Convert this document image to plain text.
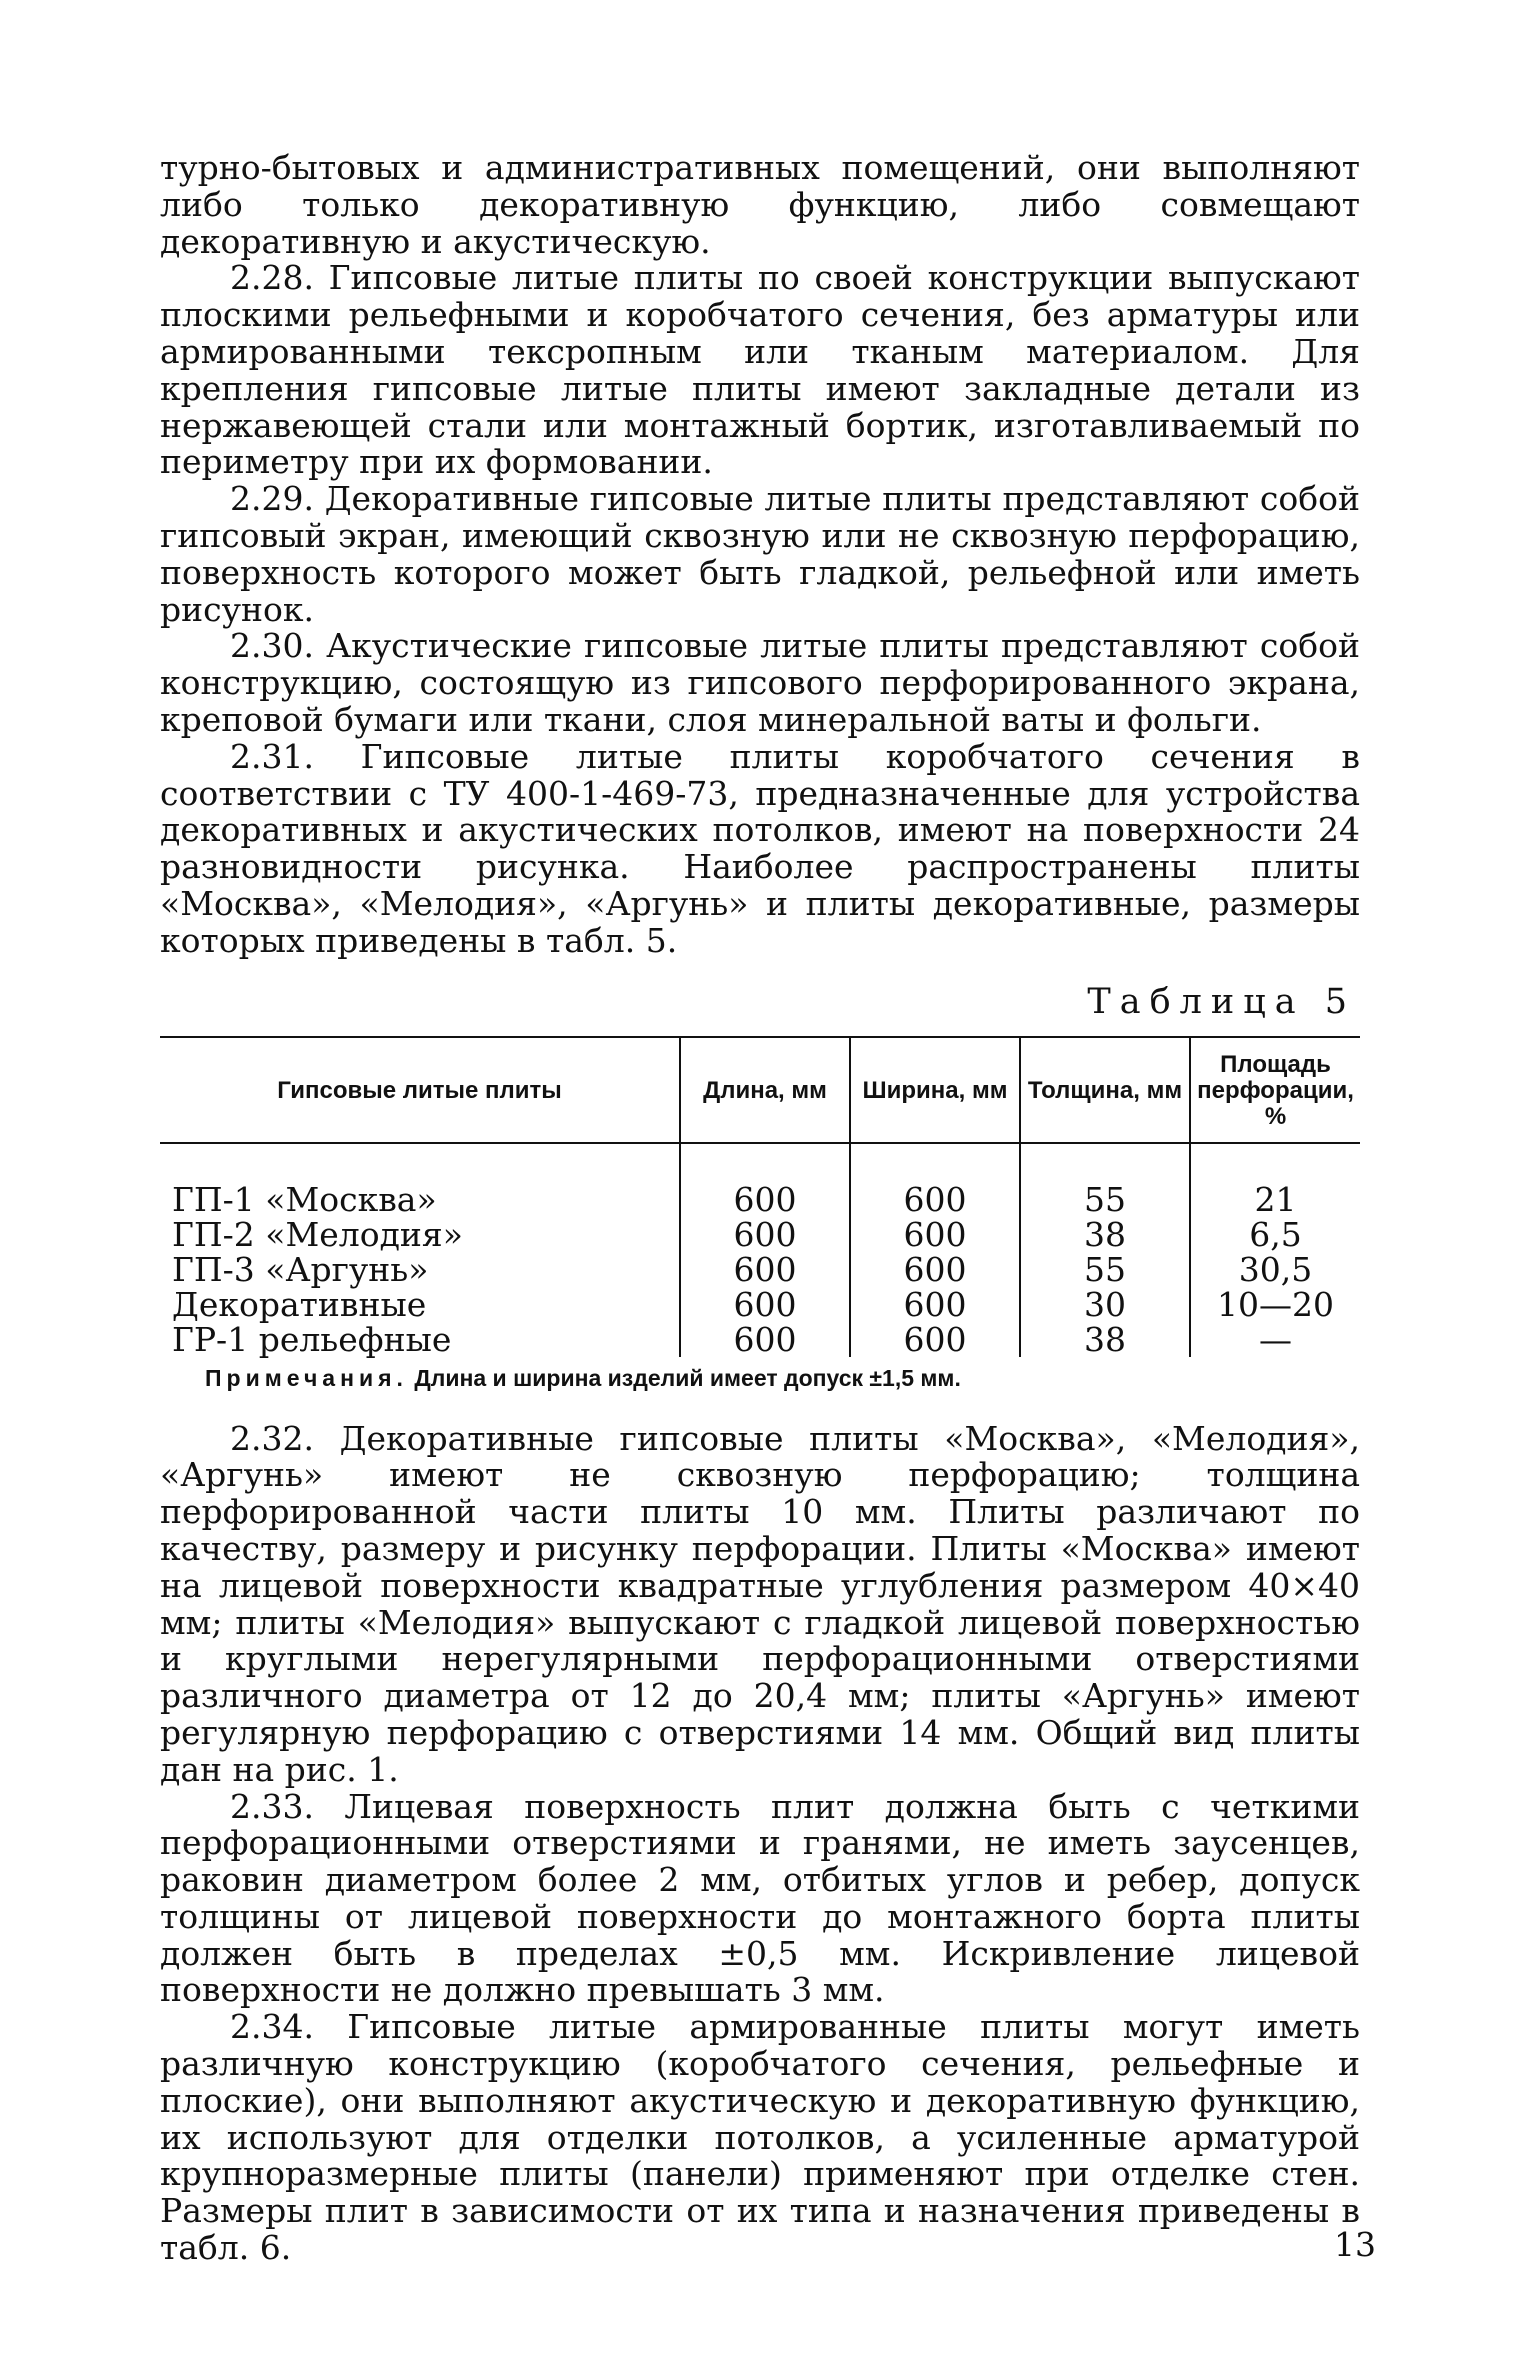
турно-бытовых и административных помещений, они выполняют либо только декоративную функцию, либо совмещают декоративную и акустическую.

2.28. Гипсовые литые плиты по своей конструкции выпускают плоскими рельефными и коробчатого сечения, без арматуры или армированными тексропным или тканым материалом. Для крепления гипсовые литые плиты имеют закладные детали из нержавеющей стали или монтажный бортик, изготавливаемый по периметру при их формовании.

2.29. Декоративные гипсовые литые плиты представляют собой гипсовый экран, имеющий сквозную или не сквозную перфорацию, поверхность которого может быть гладкой, рельефной или иметь рисунок.

2.30. Акустические гипсовые литые плиты представляют собой конструкцию, состоящую из гипсового перфорированного экрана, креповой бумаги или ткани, слоя минеральной ваты и фольги.

2.31. Гипсовые литые плиты коробчатого сечения в соответствии с ТУ 400-1-469-73, предназначенные для устройства декоративных и акустических потолков, имеют на поверхности 24 разновидности рисунка. Наиболее распространены плиты «Москва», «Мелодия», «Аргунь» и плиты декоративные, размеры которых приведены в табл. 5.

Таблица 5
Гипсовые литые плиты	Длина, мм	Ширина, мм	Толщина, мм	Площадь перфорации, %

ГП-1 «Москва»	600	600	55	21
ГП-2 «Мелодия»	600	600	38	6,5
ГП-3 «Аргунь»	600	600	55	30,5
Декоративные	600	600	30	10—20
ГР-1 рельефные	600	600	38	—
Примечания. Длина и ширина изделий имеет допуск ±1,5 мм.

2.32. Декоративные гипсовые плиты «Москва», «Мелодия», «Аргунь» имеют не сквозную перфорацию; толщина перфорированной части плиты 10 мм. Плиты различают по качеству, размеру и рисунку перфорации. Плиты «Москва» имеют на лицевой поверхности квадратные углубления размером 40×40 мм; плиты «Мелодия» выпускают с гладкой лицевой поверхностью и круглыми нерегулярными перфорационными отверстиями различного диаметра от 12 до 20,4 мм; плиты «Аргунь» имеют регулярную перфорацию с отверстиями 14 мм. Общий вид плиты дан на рис. 1.

2.33. Лицевая поверхность плит должна быть с четкими перфорационными отверстиями и гранями, не иметь заусенцев, раковин диаметром более 2 мм, отбитых углов и ребер, допуск толщины от лицевой поверхности до монтажного борта плиты должен быть в пределах ±0,5 мм. Искривление лицевой поверхности не должно превышать 3 мм.

2.34. Гипсовые литые армированные плиты могут иметь различную конструкцию (коробчатого сечения, рельефные и плоские), они выполняют акустическую и декоративную функцию, их используют для отделки потолков, а усиленные арматурой крупноразмерные плиты (панели) применяют при отделке стен. Размеры плит в зависимости от их типа и назначения приведены в табл. 6.	13
